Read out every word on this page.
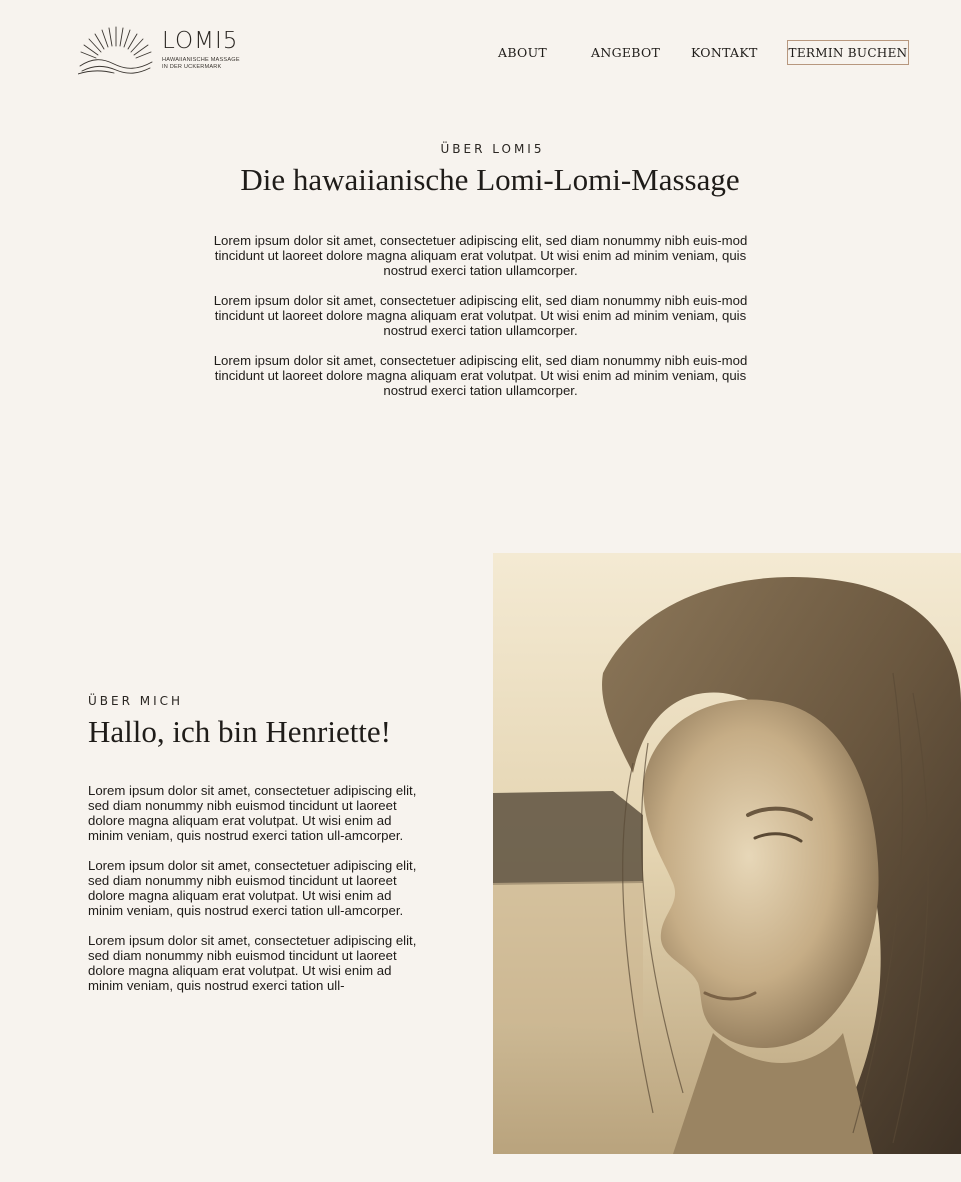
LOMI5
HAWAIIANISCHE MASSAGE
IN DER UCKERMARK
ABOUT	ANGEBOT KONTAKT	TERMIN BUCHEN
ÜBER LOMI5
Die hawaiianische Lomi-Lomi-Massage

Lorem ipsum dolor sit amet, consectetuer adipiscing elit, sed diam nonummy nibh euis-mod tincidunt ut laoreet dolore magna aliquam erat volutpat. Ut wisi enim ad minim veniam, quis nostrud exerci tation ullamcorper.

Lorem ipsum dolor sit amet, consectetuer adipiscing elit, sed diam nonummy nibh euis-mod tincidunt ut laoreet dolore magna aliquam erat volutpat. Ut wisi enim ad minim veniam, quis nostrud exerci tation ullamcorper.

Lorem ipsum dolor sit amet, consectetuer adipiscing elit, sed diam nonummy nibh euis-mod tincidunt ut laoreet dolore magna aliquam erat volutpat. Ut wisi enim ad minim veniam, quis nostrud exerci tation ullamcorper.

ÜBER MICH
Hallo, ich bin Henriette!

Lorem ipsum dolor sit amet, consectetuer adipiscing elit, sed diam nonummy nibh euismod tincidunt ut laoreet dolore magna aliquam erat volutpat. Ut wisi enim ad minim veniam, quis nostrud exerci tation ull-amcorper.

Lorem ipsum dolor sit amet, consectetuer adipiscing elit, sed diam nonummy nibh euismod tincidunt ut laoreet dolore magna aliquam erat volutpat. Ut wisi enim ad minim veniam, quis nostrud exerci tation ull-amcorper.

Lorem ipsum dolor sit amet, consectetuer adipiscing elit, sed diam nonummy nibh euismod tincidunt ut laoreet dolore magna aliquam erat volutpat. Ut wisi enim ad minim veniam, quis nostrud exerci tation ull-
